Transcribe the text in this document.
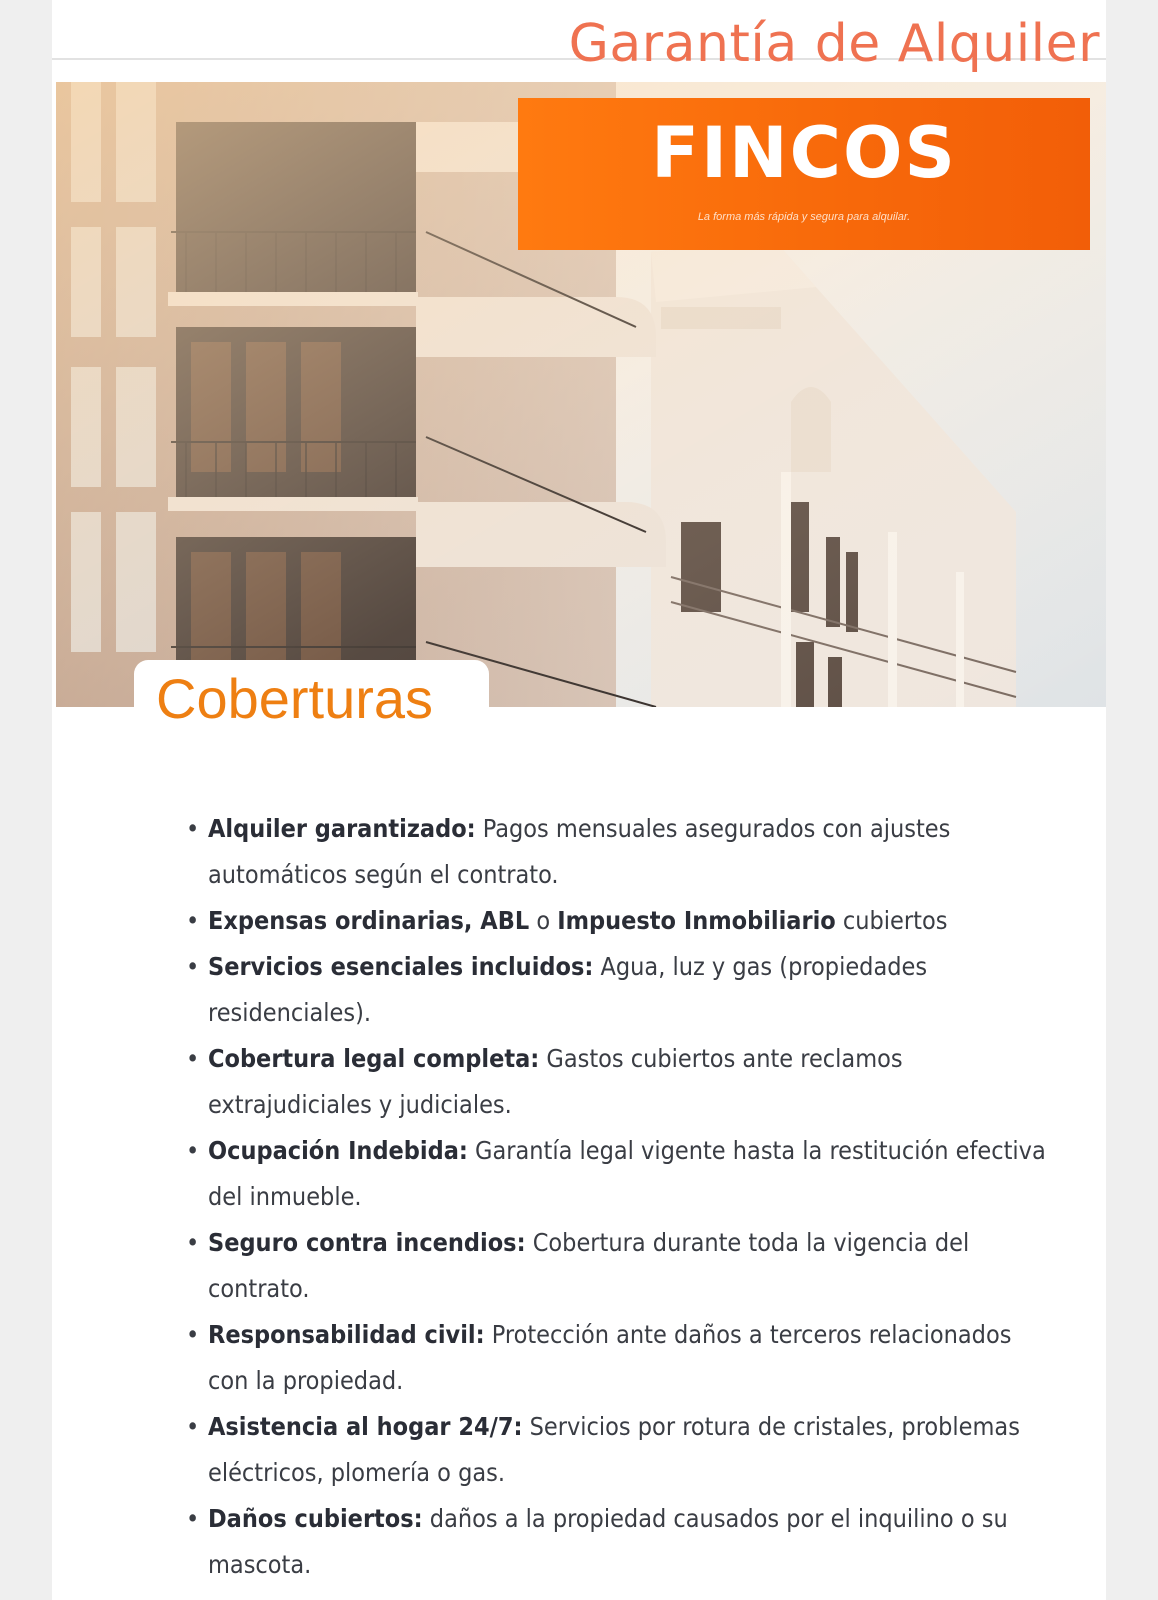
Garantía de Alquiler
FINCOS
La forma más rápida y segura para alquilar.
Coberturas
• Alquiler garantizado: Pagos mensuales asegurados con ajustes automáticos según el contrato.
• Expensas ordinarias, ABL o Impuesto Inmobiliario cubiertos
• Servicios esenciales incluidos: Agua, luz y gas (propiedades residenciales).
• Cobertura legal completa: Gastos cubiertos ante reclamos extrajudiciales y judiciales.
• Ocupación Indebida: Garantía legal vigente hasta la restitución efectiva del inmueble.
• Seguro contra incendios: Cobertura durante toda la vigencia del contrato.
• Responsabilidad civil: Protección ante daños a terceros relacionados con la propiedad.
• Asistencia al hogar 24/7: Servicios por rotura de cristales, problemas eléctricos, plomería o gas.
• Daños cubiertos: daños a la propiedad causados por el inquilino o su mascota.
